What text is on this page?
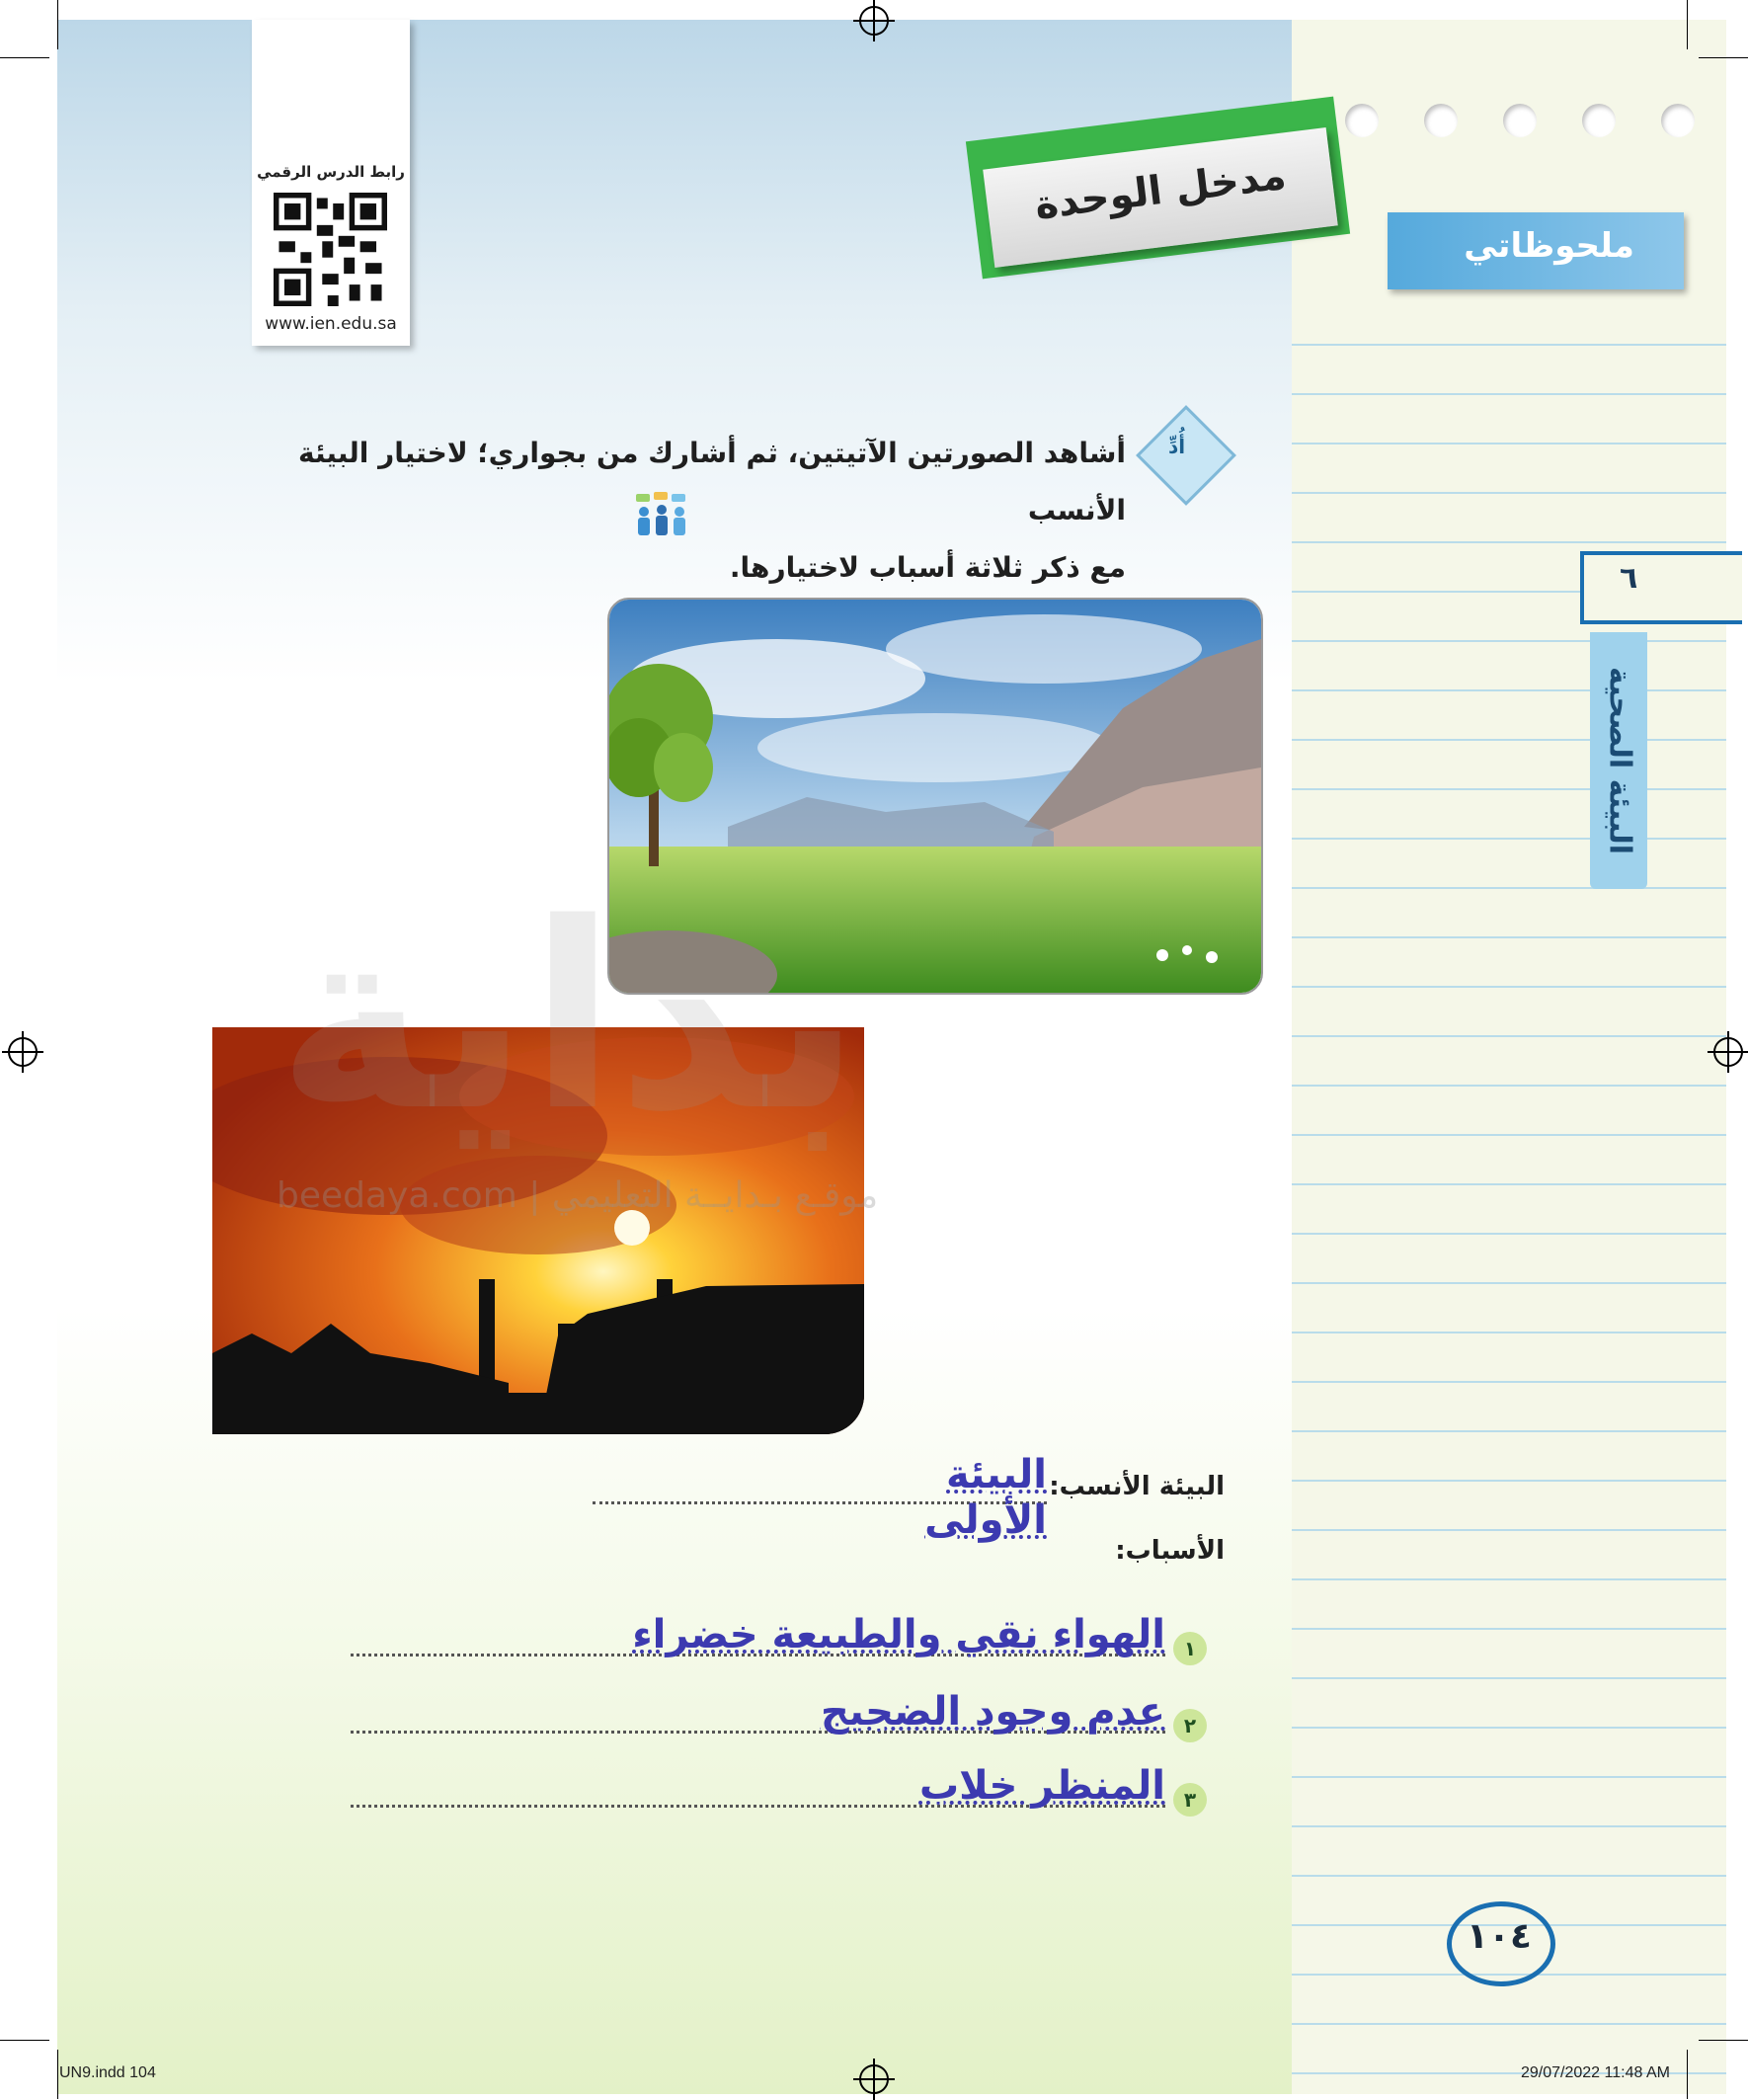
ملحوظاتي
٦
البيئة الصحية
مدخل الوحدة
رابط الدرس الرقمي
www.ien.edu.sa
أُدِّ
أشاهد الصورتين الآتيتين، ثم أشارك من بجواري؛ لاختيار البيئة الأنسب
مع ذكر ثلاثة أسباب لاختيارها.
بداية
beedaya.com | موقـع بـدايــة التعليمي
البيئة الأنسب:
البيئة الأولى
الأسباب:
١
الهواء نقي والطبيعة خضراء
٢
عدم وجود الضجيج
٣
المنظر خلاب
١٠٤
UN9.indd 104	29/07/2022 11:48 AM
